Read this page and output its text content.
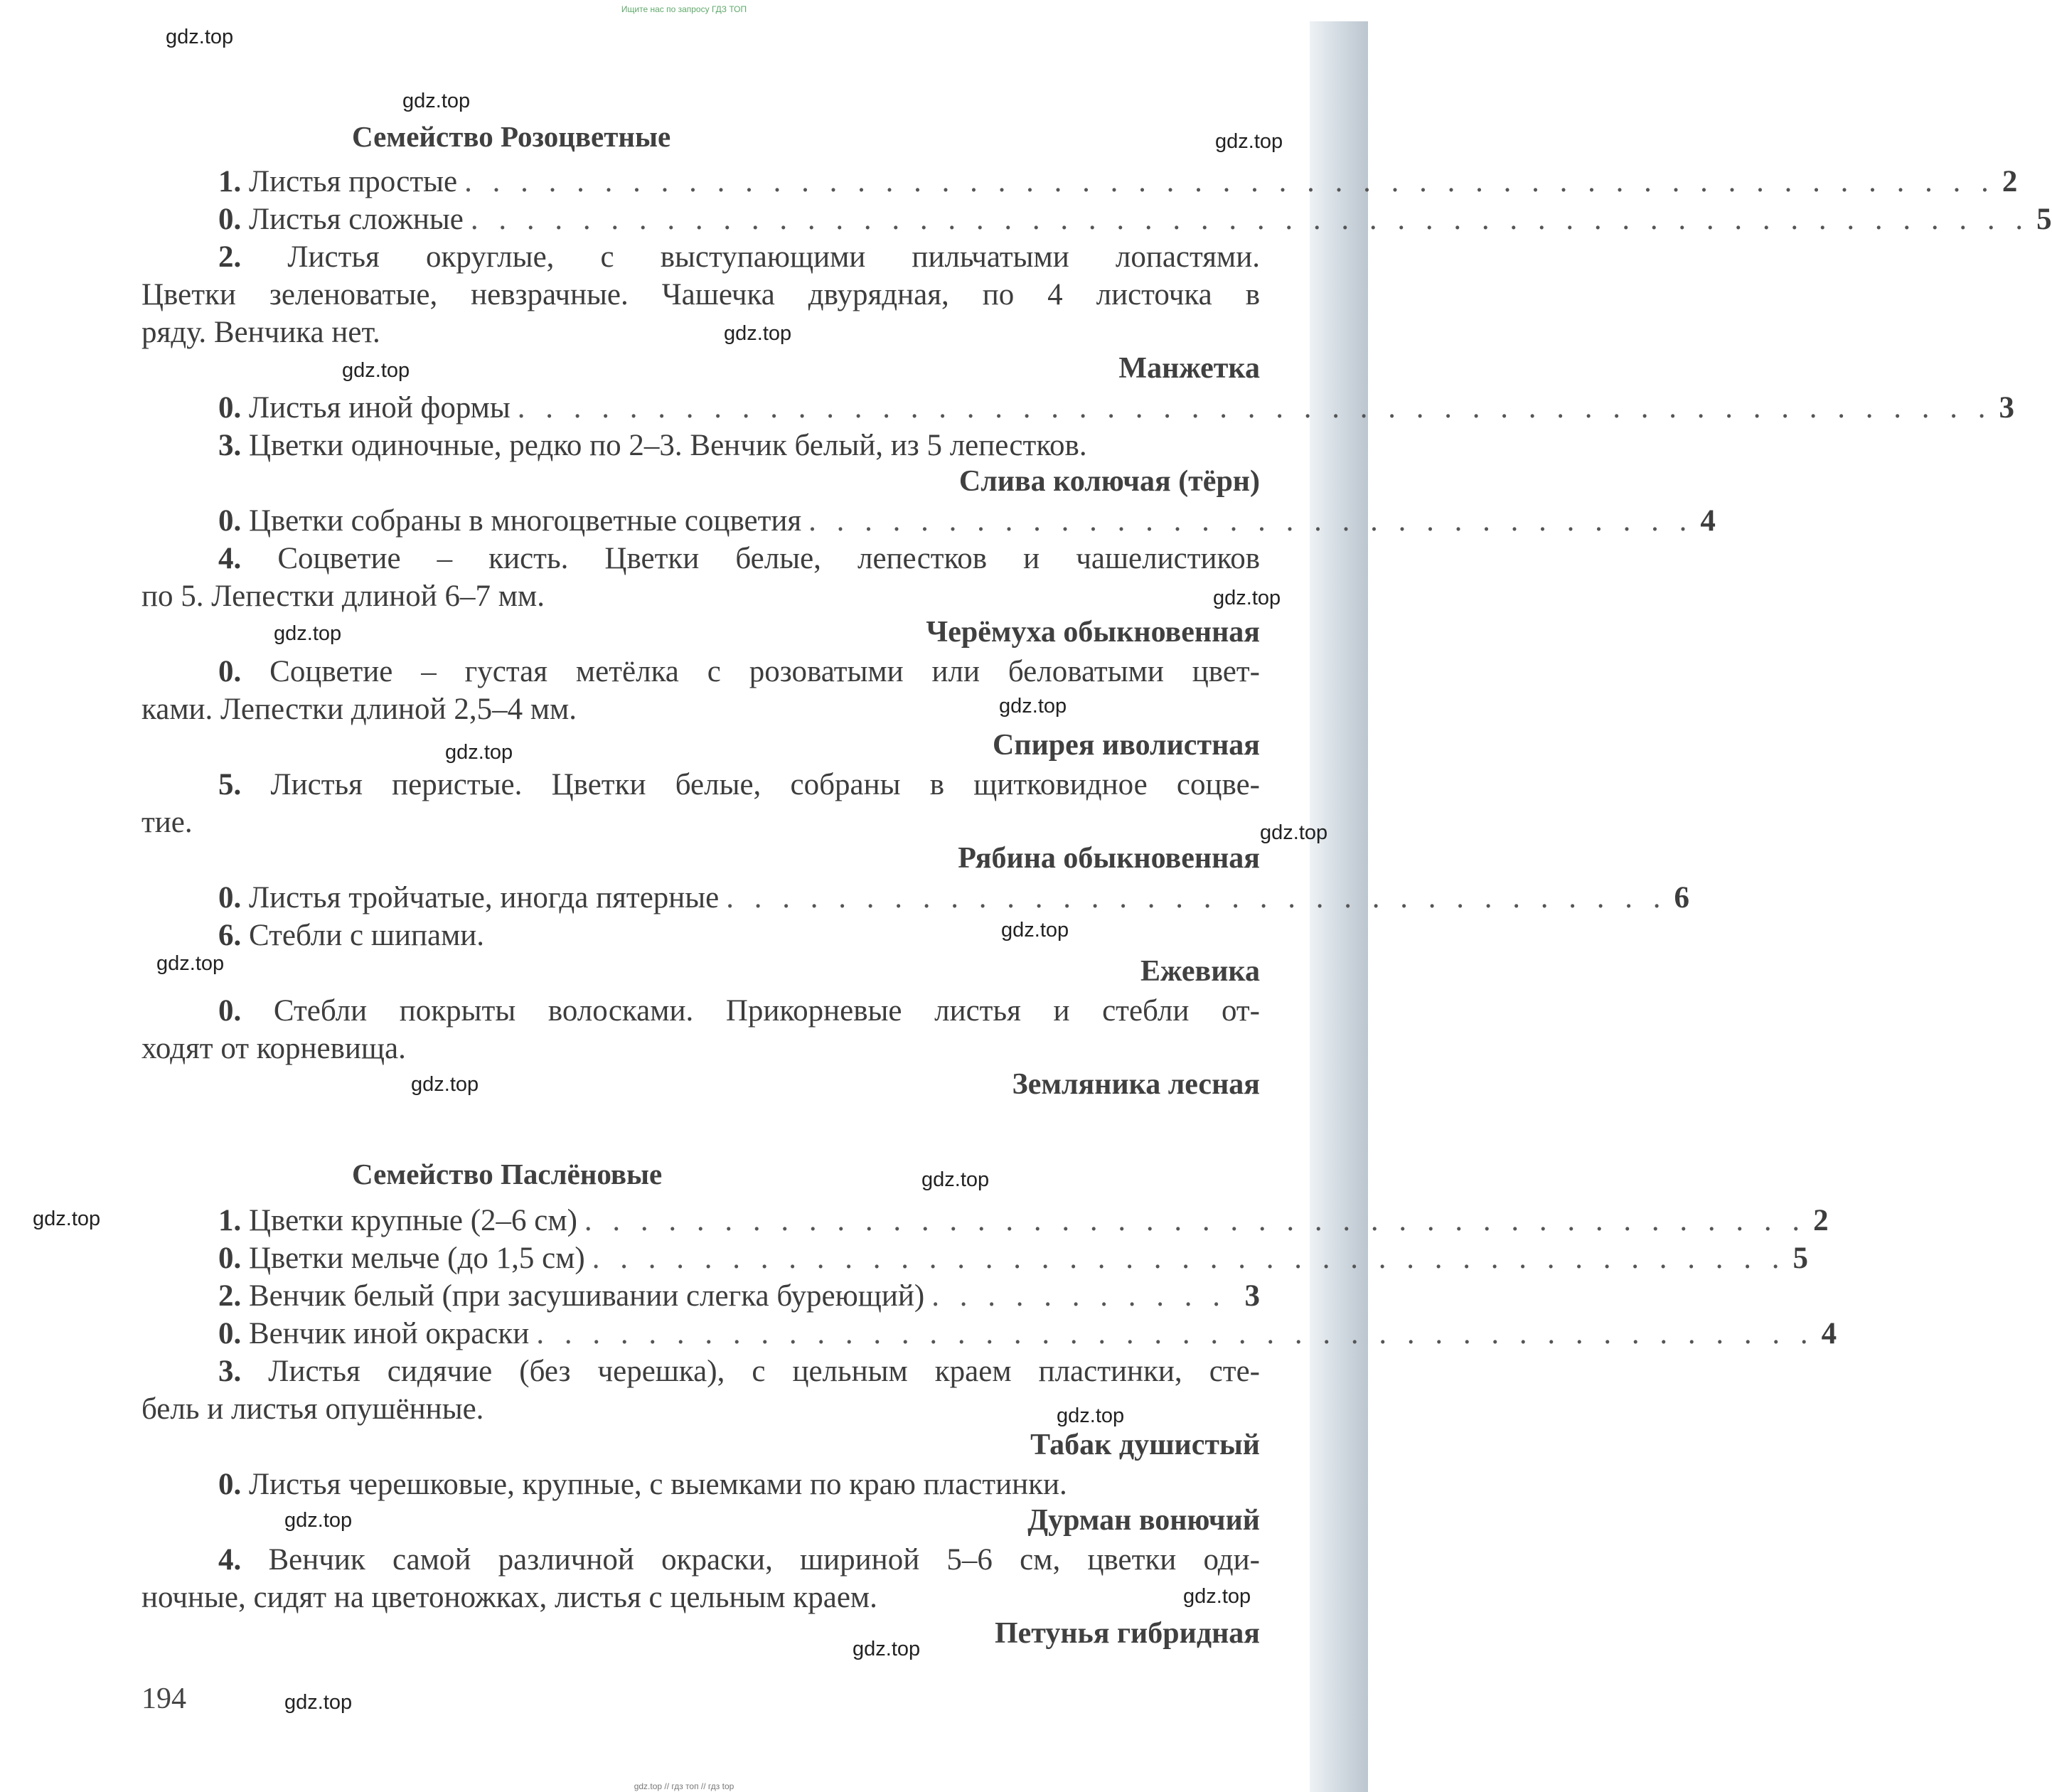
Ищите нас по запросу ГДЗ ТОП
Семейство Розоцветные
1. Листья простые . . . . . . . . . . . . . . . . . . . . . . . . . . . . . . . . . . . . . . . . . . . . . . . . . . . . . . . 2
0. Листья сложные . . . . . . . . . . . . . . . . . . . . . . . . . . . . . . . . . . . . . . . . . . . . . . . . . . . . . . . . 5
2. Листья округлые, с выступающими пильчатыми лопастями.
Цветки зеленоватые, невзрачные. Чашечка двурядная, по 4 листочка в
ряду. Венчика нет.
Манжетка
0. Листья иной формы . . . . . . . . . . . . . . . . . . . . . . . . . . . . . . . . . . . . . . . . . . . . . . . . . . . . . 3
3. Цветки одиночные, редко по 2–3. Венчик белый, из 5 лепестков.
Слива колючая (тёрн)
0. Цветки собраны в многоцветные соцветия . . . . . . . . . . . . . . . . . . . . . . . . . . . . . . . . 4
4. Соцветие – кисть. Цветки белые, лепестков и чашелистиков
по 5. Лепестки длиной 6–7 мм.
Черёмуха обыкновенная
0. Соцветие – густая метёлка с розоватыми или беловатыми цвет-
ками. Лепестки длиной 2,5–4 мм.
Спирея иволистная
5. Листья перистые. Цветки белые, собраны в щитковидное соцве-
тие.
Рябина обыкновенная
0. Листья тройчатые, иногда пятерные . . . . . . . . . . . . . . . . . . . . . . . . . . . . . . . . . . 6
6. Стебли с шипами.
Ежевика
0. Стебли покрыты волосками. Прикорневые листья и стебли от-
ходят от корневища.
Земляника лесная
Семейство Паслёновые
1. Цветки крупные (2–6 см) . . . . . . . . . . . . . . . . . . . . . . . . . . . . . . . . . . . . . . . . . . . . 2
0. Цветки мельче (до 1,5 см) . . . . . . . . . . . . . . . . . . . . . . . . . . . . . . . . . . . . . . . . . . . 5
2. Венчик белый (при засушивании слегка буреющий) . . . . . . . . . . . 3
0. Венчик иной окраски . . . . . . . . . . . . . . . . . . . . . . . . . . . . . . . . . . . . . . . . . . . . . . 4
3. Листья сидячие (без черешка), с цельным краем пластинки, сте-
бель и листья опушённые.
Табак душистый
0. Листья черешковые, крупные, с выемками по краю пластинки.
Дурман вонючий
4. Венчик самой различной окраски, шириной 5–6 см, цветки оди-
ночные, сидят на цветоножках, листья с цельным краем.
Петунья гибридная
194
gdz.top
gdz.top
gdz.top
gdz.top
gdz.top
gdz.top
gdz.top
gdz.top
gdz.top
gdz.top
gdz.top
gdz.top
gdz.top
gdz.top
gdz.top
gdz.top
gdz.top
gdz.top
gdz.top
gdz.top
gdz.top // гдз топ // гдз top
